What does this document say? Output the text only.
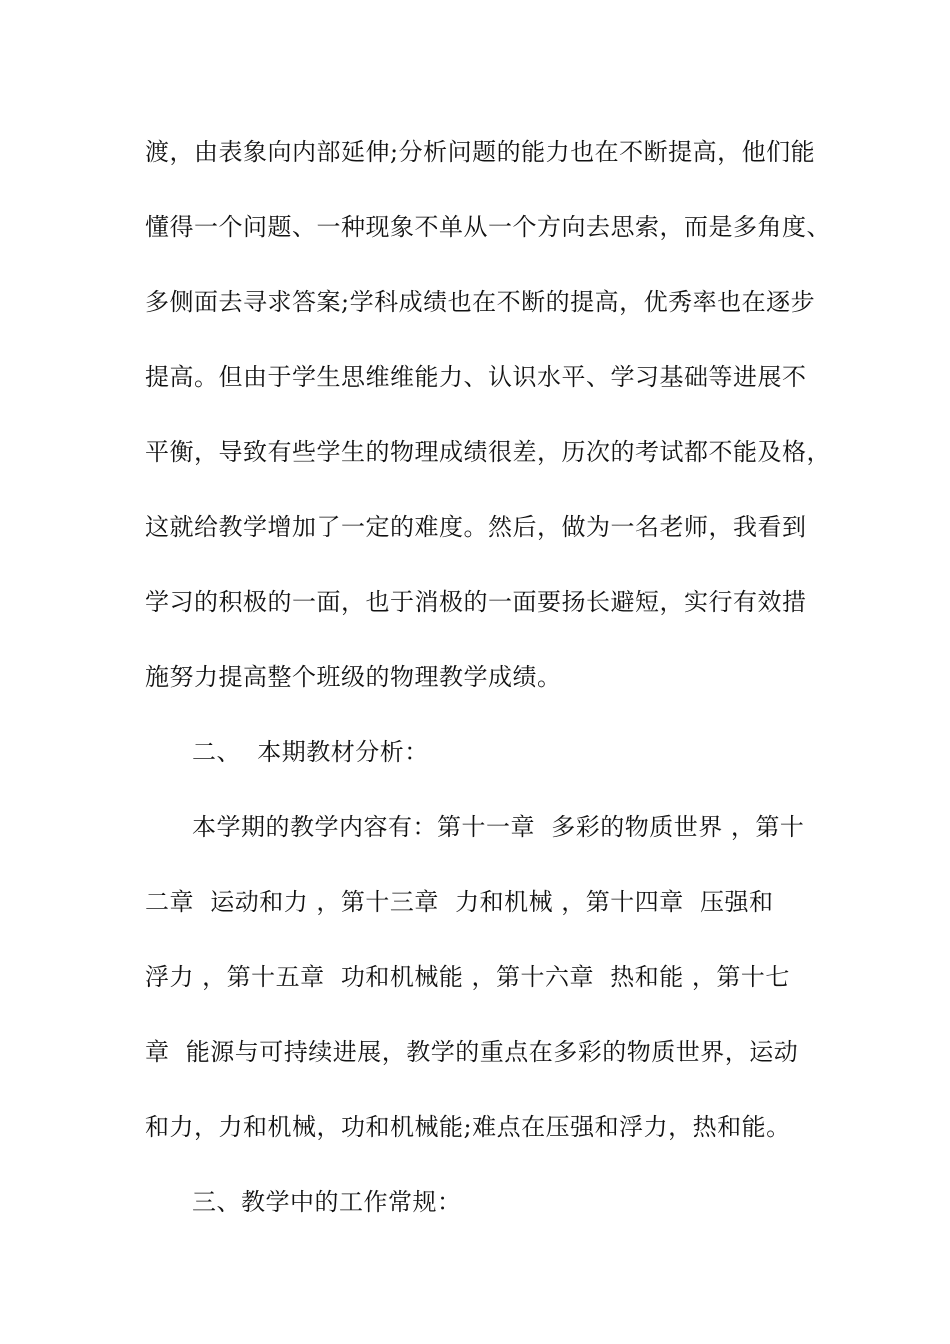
渡，由表象向内部延伸;分析问题的能力也在不断提高，他们能
懂得一个问题、一种现象不单从一个方向去思索，而是多角度、
多侧面去寻求答案;学科成绩也在不断的提高，优秀率也在逐步
提高。但由于学生思维维能力、认识水平、学习基础等进展不
平衡，导致有些学生的物理成绩很差，历次的考试都不能及格，
这就给教学增加了一定的难度。然后，做为一名老师，我看到
学习的积极的一面，也于消极的一面要扬长避短，实行有效措
施努力提高整个班级的物理教学成绩。
二、  本期教材分析：
本学期的教学内容有：第十一章  多彩的物质世界 ，第十
二章  运动和力 ，第十三章  力和机械 ，第十四章  压强和
浮力 ，第十五章  功和机械能 ，第十六章  热和能 ，第十七
章  能源与可持续进展，教学的重点在多彩的物质世界，运动
和力，力和机械，功和机械能;难点在压强和浮力，热和能。
三、教学中的工作常规：
